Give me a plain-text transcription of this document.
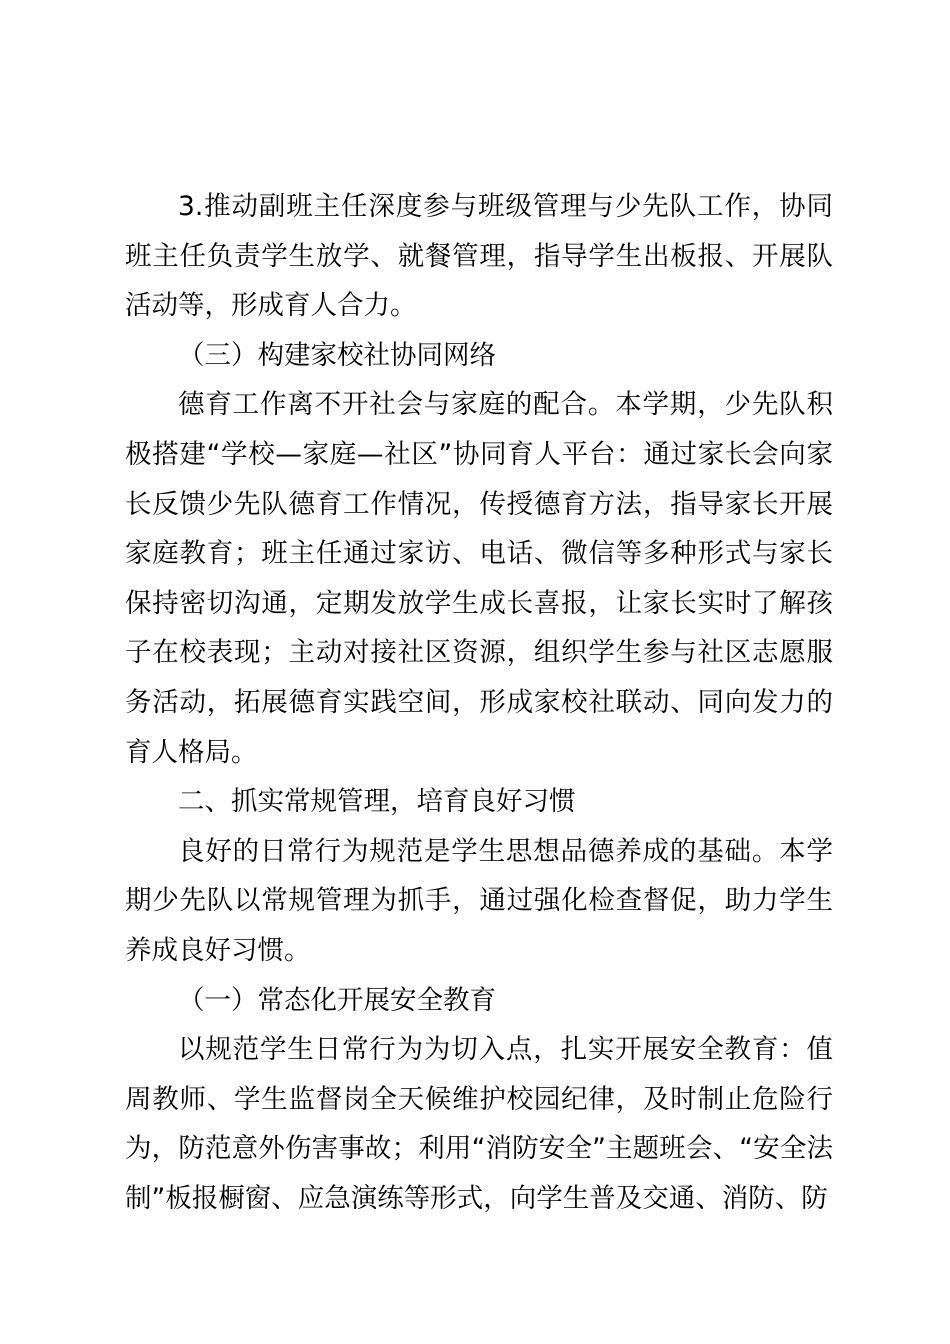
3.推动副班主任深度参与班级管理与少先队工作，协同班主任负责学生放学、就餐管理，指导学生出板报、开展队活动等，形成育人合力。

（三）构建家校社协同网络

德育工作离不开社会与家庭的配合。本学期，少先队积极搭建“学校—家庭—社区”协同育人平台：通过家长会向家长反馈少先队德育工作情况，传授德育方法，指导家长开展家庭教育；班主任通过家访、电话、微信等多种形式与家长保持密切沟通，定期发放学生成长喜报，让家长实时了解孩子在校表现；主动对接社区资源，组织学生参与社区志愿服务活动，拓展德育实践空间，形成家校社联动、同向发力的育人格局。

二、抓实常规管理，培育良好习惯

良好的日常行为规范是学生思想品德养成的基础。本学期少先队以常规管理为抓手，通过强化检查督促，助力学生养成良好习惯。

（一）常态化开展安全教育

以规范学生日常行为为切入点，扎实开展安全教育：值周教师、学生监督岗全天候维护校园纪律，及时制止危险行为，防范意外伤害事故；利用“消防安全”主题班会、“安全法制”板报橱窗、应急演练等形式，向学生普及交通、消防、防
